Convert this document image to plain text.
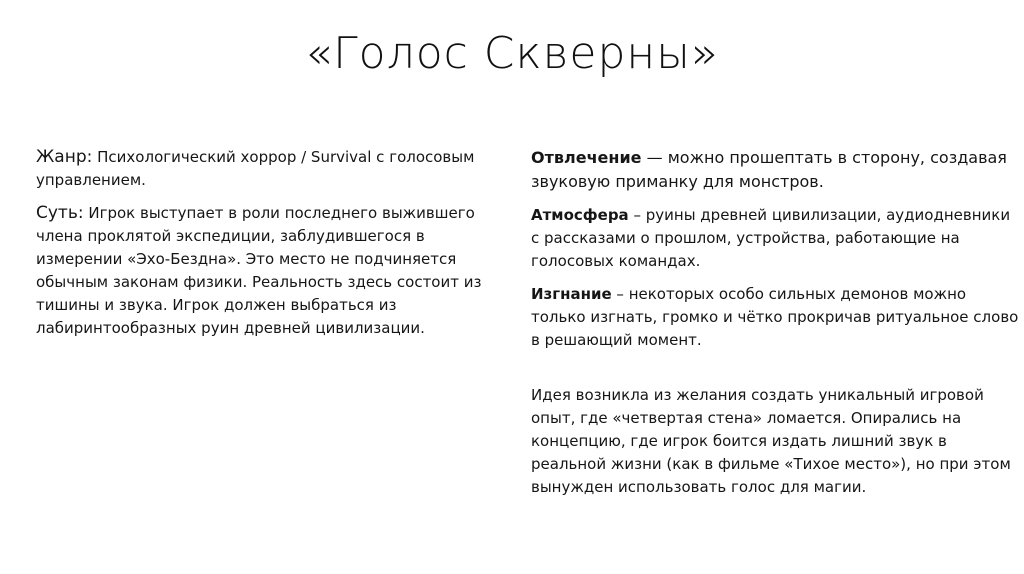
«Голос Скверны»

Жанр: Психологический хоррор / Survival с голосовым управлением.

Суть: Игрок выступает в роли последнего выжившего члена проклятой экспедиции, заблудившегося в измерении «Эхо-Бездна». Это место не подчиняется обычным законам физики. Реальность здесь состоит из тишины и звука. Игрок должен выбраться из лабиринтообразных руин древней цивилизации.

Отвлечение — можно прошептать в сторону, создавая
звуковую приманку для монстров.

Атмосфера – руины древней цивилизации, аудиодневники с рассказами о прошлом, устройства, работающие на голосовых командах.

Изгнание – некоторых особо сильных демонов можно только изгнать, громко и чётко прокричав ритуальное слово в решающий момент.

Идея возникла из желания создать уникальный игровой опыт, где «четвертая стена» ломается. Опирались на концепцию, где игрок боится издать лишний звук в реальной жизни (как в фильме «Тихое место»), но при этом вынужден использовать голос для магии.
